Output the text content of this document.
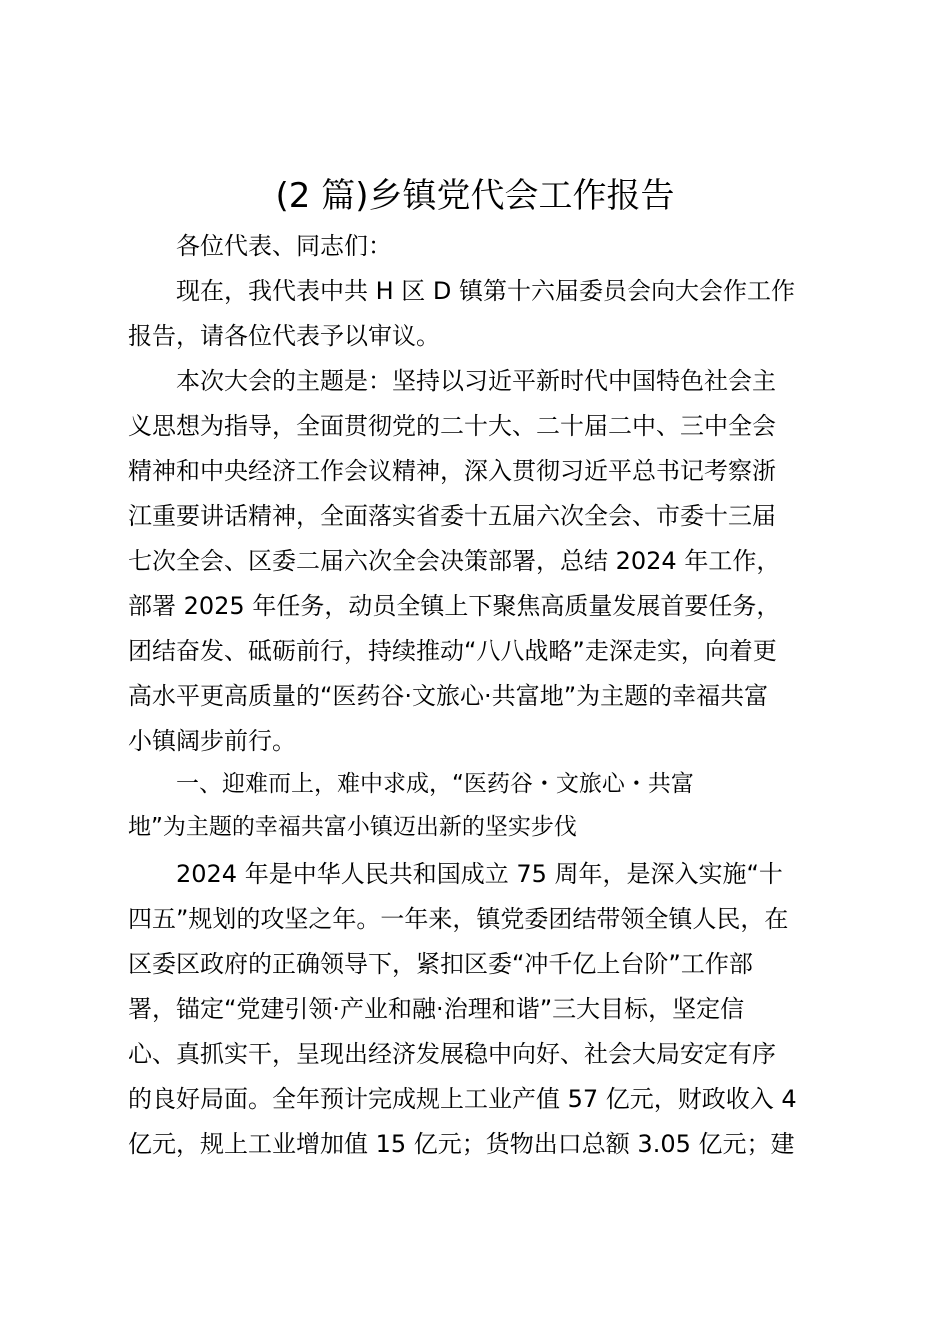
(2 篇)乡镇党代会工作报告
各位代表、同志们：
现在，我代表中共 H 区 D 镇第十六届委员会向大会作工作
报告，请各位代表予以审议。
本次大会的主题是：坚持以习近平新时代中国特色社会主
义思想为指导，全面贯彻党的二十大、二十届二中、三中全会
精神和中央经济工作会议精神，深入贯彻习近平总书记考察浙
江重要讲话精神，全面落实省委十五届六次全会、市委十三届
七次全会、区委二届六次全会决策部署，总结 2024 年工作，
部署 2025 年任务，动员全镇上下聚焦高质量发展首要任务，
团结奋发、砥砺前行，持续推动“八八战略”走深走实，向着更
高水平更高质量的“医药谷·文旅心·共富地”为主题的幸福共富
小镇阔步前行。
一、迎难而上，难中求成，“医药谷・文旅心・共富
地”为主题的幸福共富小镇迈出新的坚实步伐
2024 年是中华人民共和国成立 75 周年，是深入实施“十
四五”规划的攻坚之年。一年来，镇党委团结带领全镇人民，在
区委区政府的正确领导下，紧扣区委“冲千亿上台阶”工作部
署，锚定“党建引领·产业和融·治理和谐”三大目标，坚定信
心、真抓实干，呈现出经济发展稳中向好、社会大局安定有序
的良好局面。全年预计完成规上工业产值 57 亿元，财政收入 4
亿元，规上工业增加值 15 亿元；货物出口总额 3.05 亿元；建
